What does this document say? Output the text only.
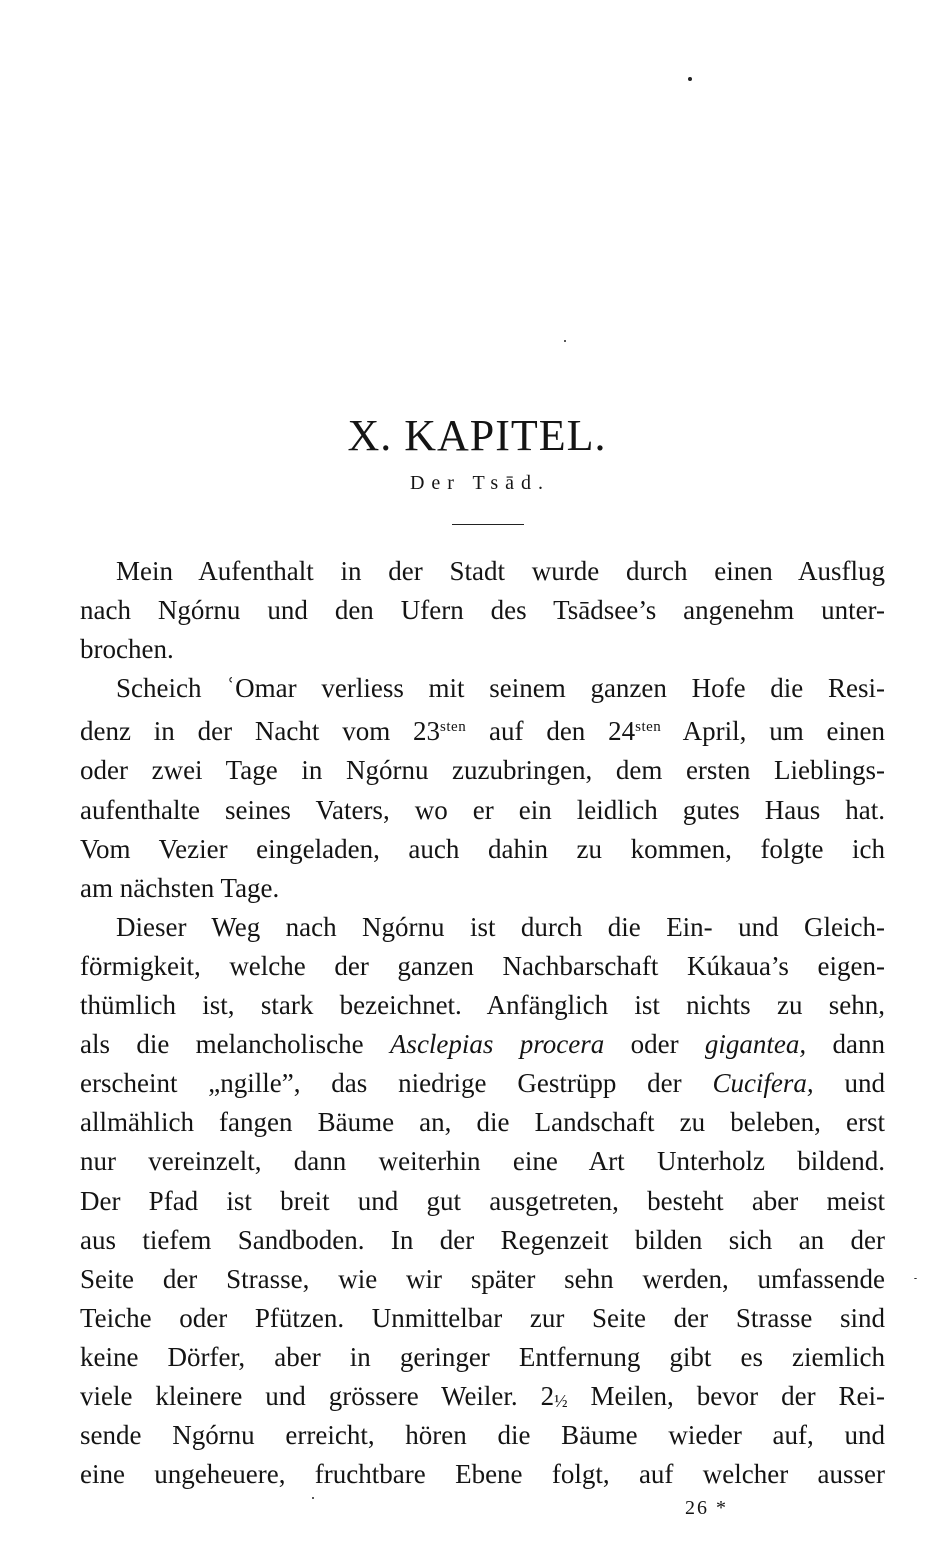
X. KAPITEL.
Der Tsād.

Mein Aufenthalt in der Stadt wurde durch einen Ausflug
nach Ngórnu und den Ufern des Tsādsee’s angenehm unter-
brochen.

Scheich ʿOmar verliess mit seinem ganzen Hofe die Resi-
denz in der Nacht vom $23^{sten}$ auf den $24^{sten}$ April, um einen
oder zwei Tage in Ngórnu zuzubringen, dem ersten Lieblings-
aufenthalte seines Vaters, wo er ein leidlich gutes Haus hat.
Vom Vezier eingeladen, auch dahin zu kommen, folgte ich
am nächsten Tage.

Dieser Weg nach Ngórnu ist durch die Ein- und Gleich-
förmigkeit, welche der ganzen Nachbarschaft Kúkaua’s eigen-
thümlich ist, stark bezeichnet. Anfänglich ist nichts zu sehn,
als die melancholische Asclepias procera oder gigantea, dann
erscheint „ngille”, das niedrige Gestrüpp der Cucifera, und
allmählich fangen Bäume an, die Landschaft zu beleben, erst
nur vereinzelt, dann weiterhin eine Art Unterholz bildend.
Der Pfad ist breit und gut ausgetreten, besteht aber meist
aus tiefem Sandboden. In der Regenzeit bilden sich an der
Seite der Strasse, wie wir später sehn werden, umfassende
Teiche oder Pfützen. Unmittelbar zur Seite der Strasse sind
keine Dörfer, aber in geringer Entfernung gibt es ziemlich
viele kleinere und grössere Weiler. 2½ Meilen, bevor der Rei-
sende Ngórnu erreicht, hören die Bäume wieder auf, und
eine ungeheuere, fruchtbare Ebene folgt, auf welcher ausser

26 *
